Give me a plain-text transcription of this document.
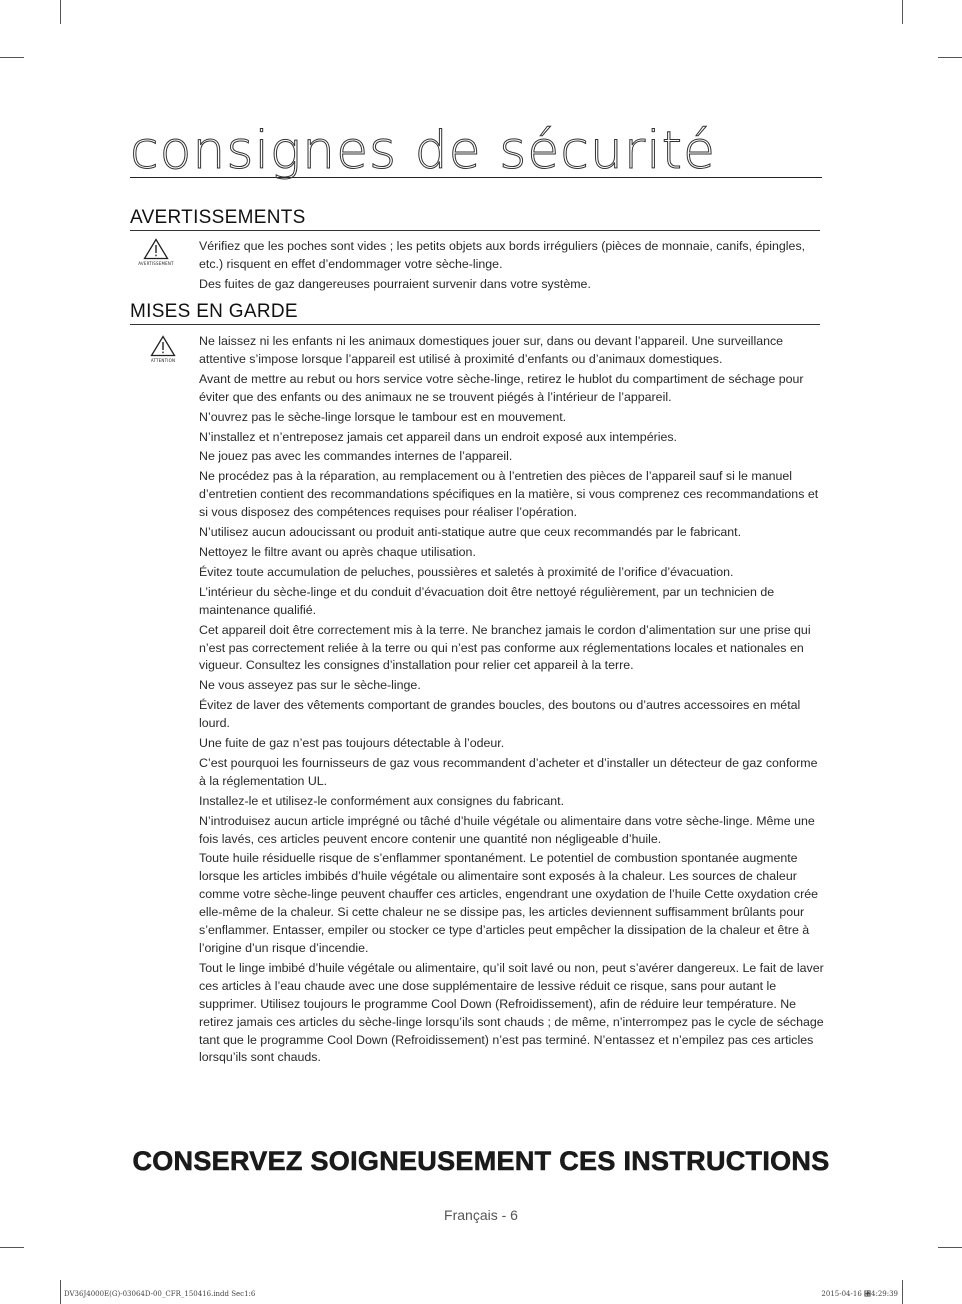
consignes de sécurité
AVERTISSEMENTS
AVERTISSEMENT

Vérifiez que les poches sont vides ; les petits objets aux bords irréguliers (pièces de monnaie, canifs, épingles, etc.) risquent en effet d’endommager votre sèche-linge.

Des fuites de gaz dangereuses pourraient survenir dans votre système.

MISES EN GARDE
ATTENTION

Ne laissez ni les enfants ni les animaux domestiques jouer sur, dans ou devant l’appareil. Une surveillance attentive s’impose lorsque l’appareil est utilisé à proximité d’enfants ou d’animaux domestiques.

Avant de mettre au rebut ou hors service votre sèche-linge, retirez le hublot du compartiment de séchage pour éviter que des enfants ou des animaux ne se trouvent piégés à l’intérieur de l’appareil.

N’ouvrez pas le sèche-linge lorsque le tambour est en mouvement.

N’installez et n’entreposez jamais cet appareil dans un endroit exposé aux intempéries.

Ne jouez pas avec les commandes internes de l’appareil.

Ne procédez pas à la réparation, au remplacement ou à l’entretien des pièces de l’appareil sauf si le manuel d’entretien contient des recommandations spécifiques en la matière, si vous comprenez ces recommandations et si vous disposez des compétences requises pour réaliser l’opération.

N’utilisez aucun adoucissant ou produit anti-statique autre que ceux recommandés par le fabricant.

Nettoyez le filtre avant ou après chaque utilisation.

Évitez toute accumulation de peluches, poussières et saletés à proximité de l’orifice d’évacuation.

L’intérieur du sèche-linge et du conduit d’évacuation doit être nettoyé régulièrement, par un technicien de maintenance qualifié.

Cet appareil doit être correctement mis à la terre. Ne branchez jamais le cordon d’alimentation sur une prise qui n’est pas correctement reliée à la terre ou qui n’est pas conforme aux réglementations locales et nationales en vigueur. Consultez les consignes d’installation pour relier cet appareil à la terre.

Ne vous asseyez pas sur le sèche-linge.

Évitez de laver des vêtements comportant de grandes boucles, des boutons ou d’autres accessoires en métal lourd.

Une fuite de gaz n’est pas toujours détectable à l’odeur.

C’est pourquoi les fournisseurs de gaz vous recommandent d’acheter et d’installer un détecteur de gaz conforme à la réglementation UL.

Installez-le et utilisez-le conformément aux consignes du fabricant.

N’introduisez aucun article imprégné ou tâché d’huile végétale ou alimentaire dans votre sèche-linge. Même une fois lavés, ces articles peuvent encore contenir une quantité non négligeable d’huile.

Toute huile résiduelle risque de s’enflammer spontanément. Le potentiel de combustion spontanée augmente lorsque les articles imbibés d’huile végétale ou alimentaire sont exposés à la chaleur. Les sources de chaleur comme votre sèche-linge peuvent chauffer ces articles, engendrant une oxydation de l’huile Cette oxydation crée elle-même de la chaleur. Si cette chaleur ne se dissipe pas, les articles deviennent suffisamment brûlants pour s’enflammer. Entasser, empiler ou stocker ce type d’articles peut empêcher la dissipation de la chaleur et être à l’origine d’un risque d’incendie.

Tout le linge imbibé d’huile végétale ou alimentaire, qu’il soit lavé ou non, peut s’avérer dangereux. Le fait de laver ces articles à l’eau chaude avec une dose supplémentaire de lessive réduit ce risque, sans pour autant le supprimer. Utilisez toujours le programme Cool Down (Refroidissement), afin de réduire leur température. Ne retirez jamais ces articles du sèche-linge lorsqu’ils sont chauds ; de même, n’interrompez pas le cycle de séchage tant que le programme Cool Down (Refroidissement) n’est pas terminé. N’entassez et n’empilez pas ces articles lorsqu’ils sont chauds.

CONSERVEZ SOIGNEUSEMENT CES INSTRUCTIONS
Français - 6
DV36J4000E(G)-03064D-00_CFR_150416.indd Sec1:6	2015-04-16 ⑐4:29:39
